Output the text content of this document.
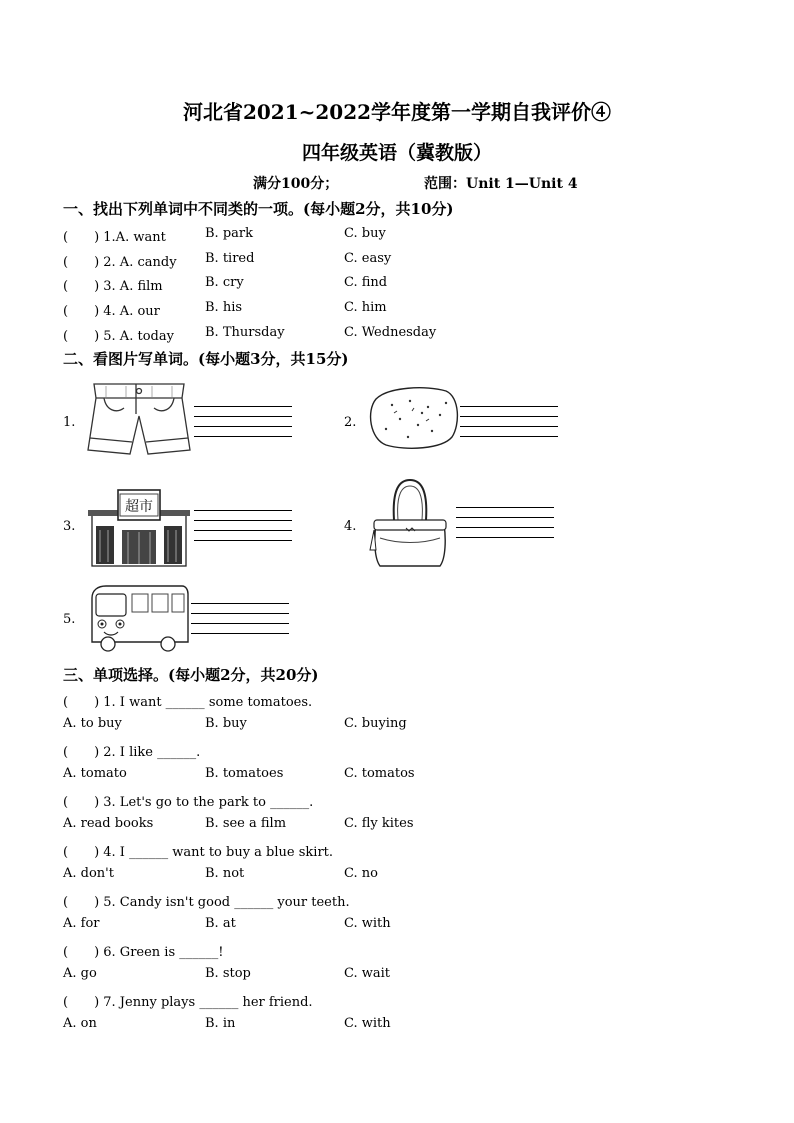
河北省2021~2022学年度第一学期自我评价④
四年级英语（冀教版）
满分100分；	范围：Unit 1—Unit 4
一、找出下列单词中不同类的一项。(每小题2分，共10分)
(　　) 1.A. want	B. park	C. buy
(　　) 2. A. candy B. tired	C. easy
(　　) 3. A. film	B. cry	C. find
(　　) 4. A. our	B. his	C. him
(　　) 5. A. today B. Thursday	C. Wednesday
二、看图片写单词。(每小题3分，共15分)
1.	2.
3.
超市
4.
5.
三、单项选择。(每小题2分，共20分)
(　　) 1. I want ______ some tomatoes.
A. to buy	B. buy	C. buying
(　　) 2. I like ______.
A. tomato	B. tomatoes	C. tomatos
(　　) 3. Let's go to the park to ______.
A. read books	B. see a film	C. fly kites
(　　) 4. I ______ want to buy a blue skirt.
A. don't	B. not	C. no
(　　) 5. Candy isn't good ______ your teeth.
A. for	B. at	C. with
(　　) 6. Green is ______!
A. go	B. stop	C. wait
(　　) 7. Jenny plays ______ her friend.
A. on	B. in	C. with
